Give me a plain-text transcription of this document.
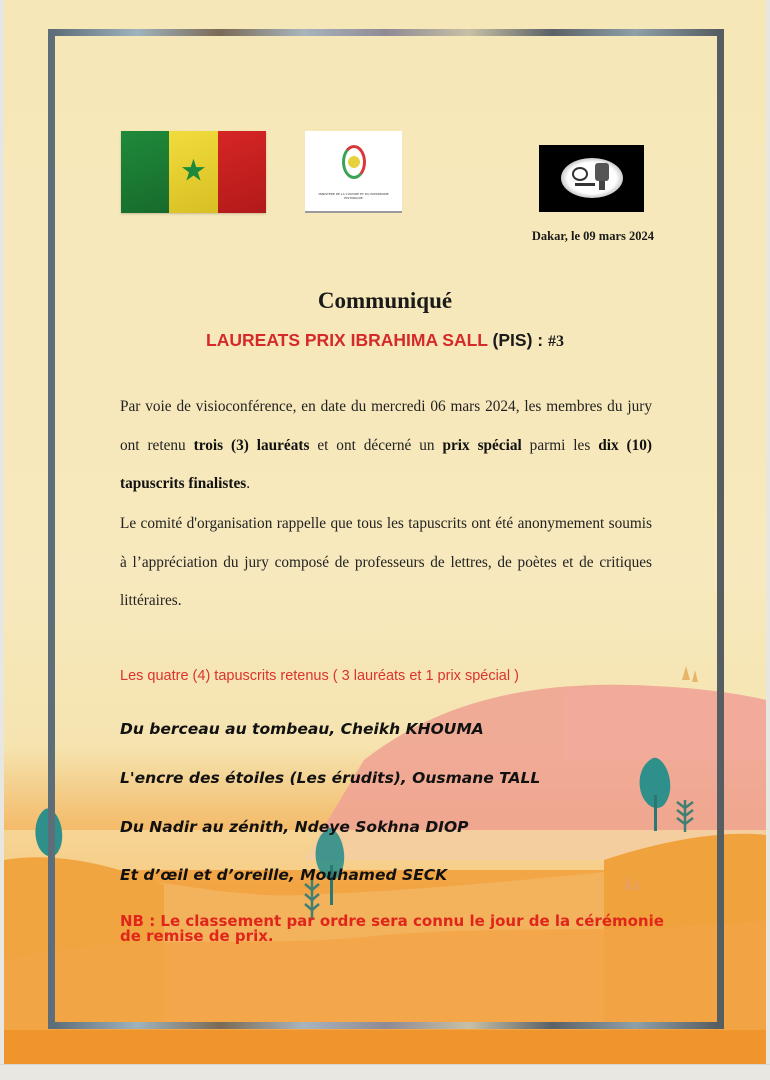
★
MINISTERE DE LA CULTURE ET DU PATRIMOINE HISTORIQUE
Dakar, le 09 mars 2024
Communiqué
LAUREATS PRIX IBRAHIMA SALL (PIS) : #3
Par voie de visioconférence, en date du mercredi 06 mars 2024, les membres du jury ont retenu trois (3) lauréats et ont décerné un prix spécial parmi les dix (10) tapuscrits finalistes.
Le comité d'organisation rappelle que tous les tapuscrits ont été anonymement soumis à l’appréciation du jury composé de professeurs de lettres, de poètes et de critiques littéraires.
Les quatre (4) tapuscrits retenus ( 3 lauréats et 1 prix spécial )
Du berceau au tombeau, Cheikh KHOUMA
L'encre des étoiles (Les érudits), Ousmane TALL
Du Nadir au zénith, Ndeye Sokhna DIOP
Et d’œil et d’oreille, Mouhamed SECK
NB : Le classement par ordre sera connu le jour de la cérémonie de remise de prix.
